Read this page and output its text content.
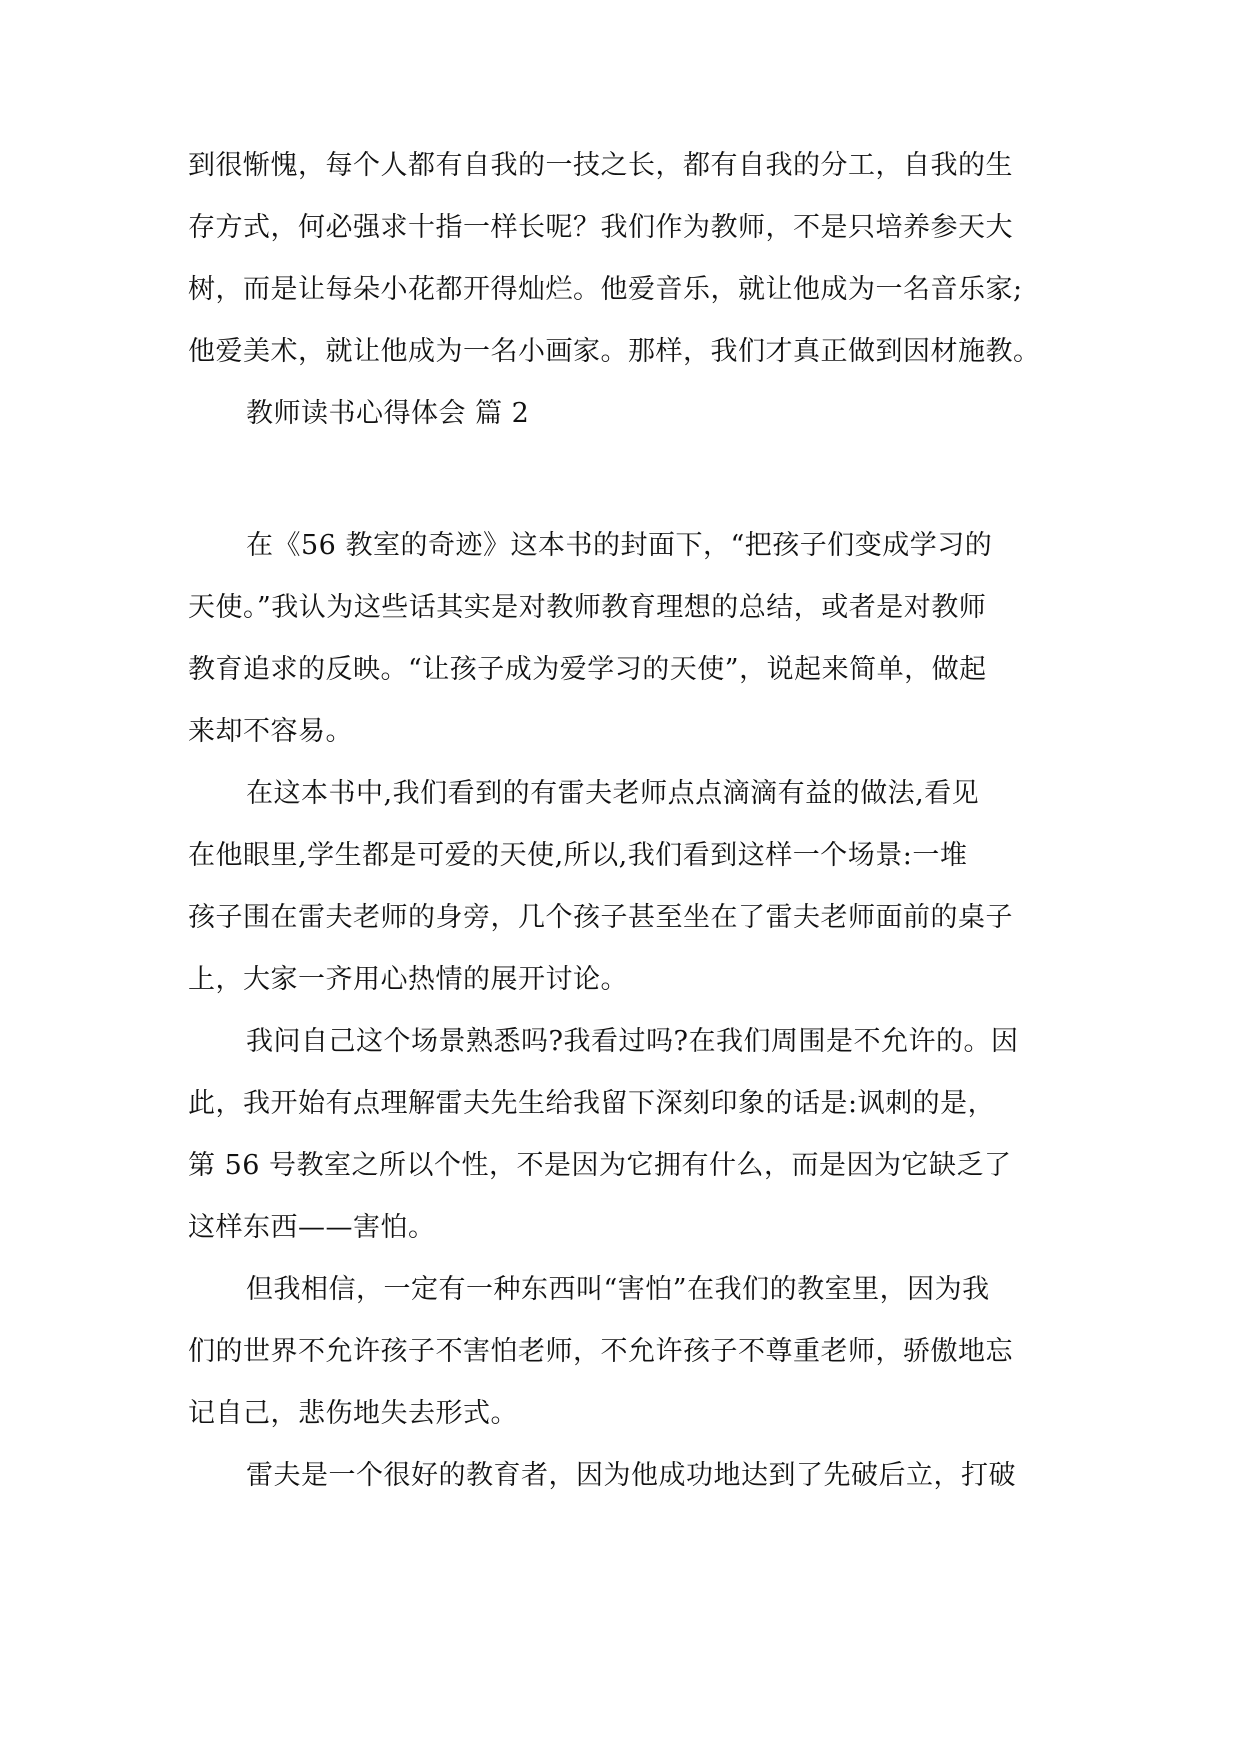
到很惭愧，每个人都有自我的一技之长，都有自我的分工，自我的生
存方式，何必强求十指一样长呢？我们作为教师，不是只培养参天大
树，而是让每朵小花都开得灿烂。他爱音乐，就让他成为一名音乐家;
他爱美术，就让他成为一名小画家。那样，我们才真正做到因材施教。
教师读书心得体会 篇 2
在《56 教室的奇迹》这本书的封面下，“把孩子们变成学习的
天使。”我认为这些话其实是对教师教育理想的总结，或者是对教师
教育追求的反映。“让孩子成为爱学习的天使”，说起来简单，做起
来却不容易。
在这本书中,我们看到的有雷夫老师点点滴滴有益的做法,看见
在他眼里,学生都是可爱的天使,所以,我们看到这样一个场景:一堆
孩子围在雷夫老师的身旁，几个孩子甚至坐在了雷夫老师面前的桌子
上，大家一齐用心热情的展开讨论。
我问自己这个场景熟悉吗?我看过吗?在我们周围是不允许的。因
此，我开始有点理解雷夫先生给我留下深刻印象的话是:讽刺的是，
第 56 号教室之所以个性，不是因为它拥有什么，而是因为它缺乏了
这样东西——害怕。
但我相信，一定有一种东西叫“害怕”在我们的教室里，因为我
们的世界不允许孩子不害怕老师，不允许孩子不尊重老师，骄傲地忘
记自己，悲伤地失去形式。
雷夫是一个很好的教育者，因为他成功地达到了先破后立，打破
